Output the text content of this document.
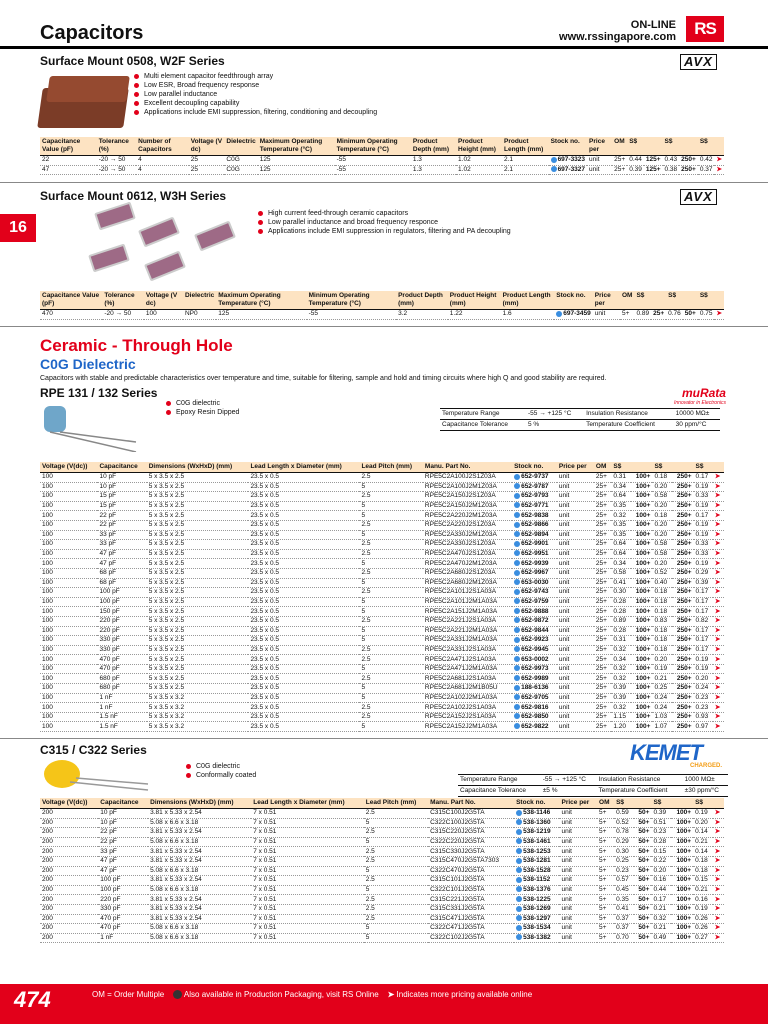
Capacitors	ON-LINE
www.rssingapore.com	RS
Surface Mount 0508, W2F Series	AVX
Multi element capacitor feedthrough array
Low ESR, Broad frequency response
Low parallel inductance
Excellent decoupling capability
Applications include EMI suppression, filtering, conditioning and decoupling
Capacitance Value (pF)	Tolerance (%)	Number of Capacitors	Voltage (V dc)	Dielectric	Maximum Operating Temperature (°C)	Minimum Operating Temperature (°C)	Product Depth (mm)	Product Height (mm)	Product Length (mm)	Stock no.	Price per	OM	S$		S$		S$	
22	-20 → 50	4	25	C0G	125	-55	1.3	1.02	2.1	697-3323	unit	25+	0.44	125+	0.43	250+	0.42	➤
47	-20 → 50	4	25	C0G	125	-55	1.3	1.02	2.1	697-3327	unit	25+	0.39	125+	0.38	250+	0.37	➤
Surface Mount 0612, W3H Series	AVX
16
High current feed-through ceramic capacitors
Low parallel inductance and broad frequency responce
Applications include EMI suppression in regulators, filtering and PA decoupling
Capacitance Value (pF)	Tolerance (%)	Voltage (V dc)	Dielectric	Maximum Operating Temperature (°C)	Minimum Operating Temperature (°C)	Product Depth (mm)	Product Height (mm)	Product Length (mm)	Stock no.	Price per	OM	S$		S$		S$	
470	-20 → 50	100	NP0	125	-55	3.2	1.22	1.6	697-3459	unit	5+	0.89	25+	0.76	50+	0.75	➤
Ceramic - Through Hole
C0G Dielectric
Capacitors with stable and predictable characteristics over temperature and time, suitable for filtering, sample and hold and timing circuits where high Q and good stability are required.
RPE 131 / 132 Series	muRata
Innovator in Electronics
C0G dielectric
Epoxy Resin Dipped	Temperature Range	-55 → +125 °C	Insulation Resistance	10000 MΩ±
Capacitance Tolerance	5 %	Temperature Coefficient	30 ppm/°C
Voltage (V(dc))	Capacitance	Dimensions (WxHxD) (mm)	Lead Length x Diameter (mm)	Lead Pitch (mm)	Manu. Part No.	Stock no.	Price per	OM	S$		S$		S$	
100	10 pF	5 x 3.5 x 2.5	23.5 x 0.5	2.5	RPE5C2A100J2S1Z03A	652-9737	unit	25+	0.31	100+	0.18	250+	0.17	➤
100	10 pF	5 x 3.5 x 2.5	23.5 x 0.5	5	RPE5C2A100J2M1Z03A	652-9787	unit	25+	0.34	100+	0.20	250+	0.19	➤
100	15 pF	5 x 3.5 x 2.5	23.5 x 0.5	2.5	RPE5C2A150J2S1Z03A	652-9793	unit	25+	0.64	100+	0.58	250+	0.33	➤
100	15 pF	5 x 3.5 x 2.5	23.5 x 0.5	5	RPE5C2A150J2M1Z03A	652-9771	unit	25+	0.35	100+	0.20	250+	0.19	➤
100	22 pF	5 x 3.5 x 2.5	23.5 x 0.5	5	RPE5C2A220J2M1Z03A	652-9838	unit	25+	0.32	100+	0.18	250+	0.17	➤
100	22 pF	5 x 3.5 x 2.5	23.5 x 0.5	2.5	RPE5C2A220J2S1Z03A	652-9866	unit	25+	0.35	100+	0.20	250+	0.19	➤
100	33 pF	5 x 3.5 x 2.5	23.5 x 0.5	5	RPE5C2A330J2M1Z03A	652-9894	unit	25+	0.35	100+	0.20	250+	0.19	➤
100	33 pF	5 x 3.5 x 2.5	23.5 x 0.5	2.5	RPE5C2A330J2S1Z03A	652-9901	unit	25+	0.64	100+	0.58	250+	0.33	➤
100	47 pF	5 x 3.5 x 2.5	23.5 x 0.5	2.5	RPE5C2A470J2S1Z03A	652-9951	unit	25+	0.64	100+	0.58	250+	0.33	➤
100	47 pF	5 x 3.5 x 2.5	23.5 x 0.5	5	RPE5C2A470J2M1Z03A	652-9939	unit	25+	0.34	100+	0.20	250+	0.19	➤
100	68 pF	5 x 3.5 x 2.5	23.5 x 0.5	2.5	RPE5C2A680J2S1Z03A	652-9967	unit	25+	0.58	100+	0.52	250+	0.29	➤
100	68 pF	5 x 3.5 x 2.5	23.5 x 0.5	5	RPE5C2A680J2M1Z03A	653-0030	unit	25+	0.41	100+	0.40	250+	0.39	➤
100	100 pF	5 x 3.5 x 2.5	23.5 x 0.5	2.5	RPE5C2A101J2S1A03A	652-9743	unit	25+	0.30	100+	0.18	250+	0.17	➤
100	100 pF	5 x 3.5 x 2.5	23.5 x 0.5	5	RPE5C2A101J2M1A03A	652-9759	unit	25+	0.28	100+	0.18	250+	0.17	➤
100	150 pF	5 x 3.5 x 2.5	23.5 x 0.5	5	RPE5C2A151J2M1A03A	652-9888	unit	25+	0.28	100+	0.18	250+	0.17	➤
100	220 pF	5 x 3.5 x 2.5	23.5 x 0.5	2.5	RPE5C2A221J2S1A03A	652-9872	unit	25+	0.89	100+	0.83	250+	0.82	➤
100	220 pF	5 x 3.5 x 2.5	23.5 x 0.5	5	RPE5C2A221J2M1A03A	652-9844	unit	25+	0.28	100+	0.18	250+	0.17	➤
100	330 pF	5 x 3.5 x 2.5	23.5 x 0.5	5	RPE5C2A331J2M1A03A	652-9923	unit	25+	0.31	100+	0.18	250+	0.17	➤
100	330 pF	5 x 3.5 x 2.5	23.5 x 0.5	2.5	RPE5C2A331J2S1A03A	652-9945	unit	25+	0.32	100+	0.18	250+	0.17	➤
100	470 pF	5 x 3.5 x 2.5	23.5 x 0.5	2.5	RPE5C2A471J2S1A03A	653-0002	unit	25+	0.34	100+	0.20	250+	0.19	➤
100	470 pF	5 x 3.5 x 2.5	23.5 x 0.5	5	RPE5C2A471J2M1A03A	652-9973	unit	25+	0.32	100+	0.19	250+	0.19	➤
100	680 pF	5 x 3.5 x 2.5	23.5 x 0.5	2.5	RPE5C2A681J2S1A03A	652-9989	unit	25+	0.32	100+	0.21	250+	0.20	➤
100	680 pF	5 x 3.5 x 2.5	23.5 x 0.5	5	RPE5C2A681J2M1B05U	188-6136	unit	25+	0.39	100+	0.25	250+	0.24	➤
100	1 nF	5 x 3.5 x 3.2	23.5 x 0.5	5	RPE5C2A102J2M1A03A	652-9705	unit	25+	0.39	100+	0.24	250+	0.23	➤
100	1 nF	5 x 3.5 x 3.2	23.5 x 0.5	2.5	RPE5C2A102J2S1A03A	652-9816	unit	25+	0.32	100+	0.24	250+	0.23	➤
100	1.5 nF	5 x 3.5 x 3.2	23.5 x 0.5	2.5	RPE5C2A152J2S1A03A	652-9850	unit	25+	1.15	100+	1.03	250+	0.93	➤
100	1.5 nF	5 x 3.5 x 3.2	23.5 x 0.5	5	RPE5C2A152J2M1A03A	652-9822	unit	25+	1.20	100+	1.07	250+	0.97	➤
C315 / C322 Series	KEMET
CHARGED.
C0G dielectric
Conformally coated
Temperature Range	-55 → +125 °C	Insulation Resistance	1000 MΩ±
Capacitance Tolerance	±5 %	Temperature Coefficient	±30 ppm/°C
Voltage (V(dc))	Capacitance	Dimensions (WxHxD) (mm)	Lead Length x Diameter (mm)	Lead Pitch (mm)	Manu. Part No.	Stock no.	Price per	OM	S$		S$		S$	
200	10 pF	3.81 x 5.33 x 2.54	7 x 0.51	2.5	C315C100J2G5TA	538-1146	unit	5+	0.59	50+	0.39	100+	0.19	➤
200	10 pF	5.08 x 6.6 x 3.18	7 x 0.51	5	C322C100J2G5TA	538-1360	unit	5+	0.52	50+	0.51	100+	0.20	➤
200	22 pF	3.81 x 5.33 x 2.54	7 x 0.51	2.5	C315C220J2G5TA	538-1219	unit	5+	0.78	50+	0.23	100+	0.14	➤
200	22 pF	5.08 x 6.6 x 3.18	7 x 0.51	5	C322C220J2G5TA	538-1461	unit	5+	0.29	50+	0.28	100+	0.21	➤
200	33 pF	3.81 x 5.33 x 2.54	7 x 0.51	2.5	C315C330J2G5TA	538-1253	unit	5+	0.30	50+	0.15	100+	0.14	➤
200	47 pF	3.81 x 5.33 x 2.54	7 x 0.51	2.5	C315C470J2G5TA7303	538-1281	unit	5+	0.25	50+	0.22	100+	0.18	➤
200	47 pF	5.08 x 6.6 x 3.18	7 x 0.51	5	C322C470J2G5TA	538-1528	unit	5+	0.23	50+	0.20	100+	0.18	➤
200	100 pF	3.81 x 5.33 x 2.54	7 x 0.51	2.5	C315C101J2G5TA	538-1152	unit	5+	0.57	50+	0.16	100+	0.15	➤
200	100 pF	5.08 x 6.6 x 3.18	7 x 0.51	5	C322C101J2G5TA	538-1376	unit	5+	0.45	50+	0.44	100+	0.21	➤
200	220 pF	3.81 x 5.33 x 2.54	7 x 0.51	2.5	C315C221J2G5TA	538-1225	unit	5+	0.35	50+	0.17	100+	0.16	➤
200	330 pF	3.81 x 5.33 x 2.54	7 x 0.51	2.5	C315C331J2G5TA	538-1269	unit	5+	0.41	50+	0.21	100+	0.19	➤
200	470 pF	3.81 x 5.33 x 2.54	7 x 0.51	2.5	C315C471J2G5TA	538-1297	unit	5+	0.37	50+	0.32	100+	0.26	➤
200	470 pF	5.08 x 6.6 x 3.18	7 x 0.51	5	C322C471J2G5TA	538-1534	unit	5+	0.37	50+	0.21	100+	0.26	➤
200	1 nF	5.08 x 6.6 x 3.18	7 x 0.51	5	C322C102J2G5TA	538-1382	unit	5+	0.70	50+	0.49	100+	0.27	➤
474	OM = Order Multiple Also available in Production Packaging, visit RS Online ➤ Indicates more pricing available online
